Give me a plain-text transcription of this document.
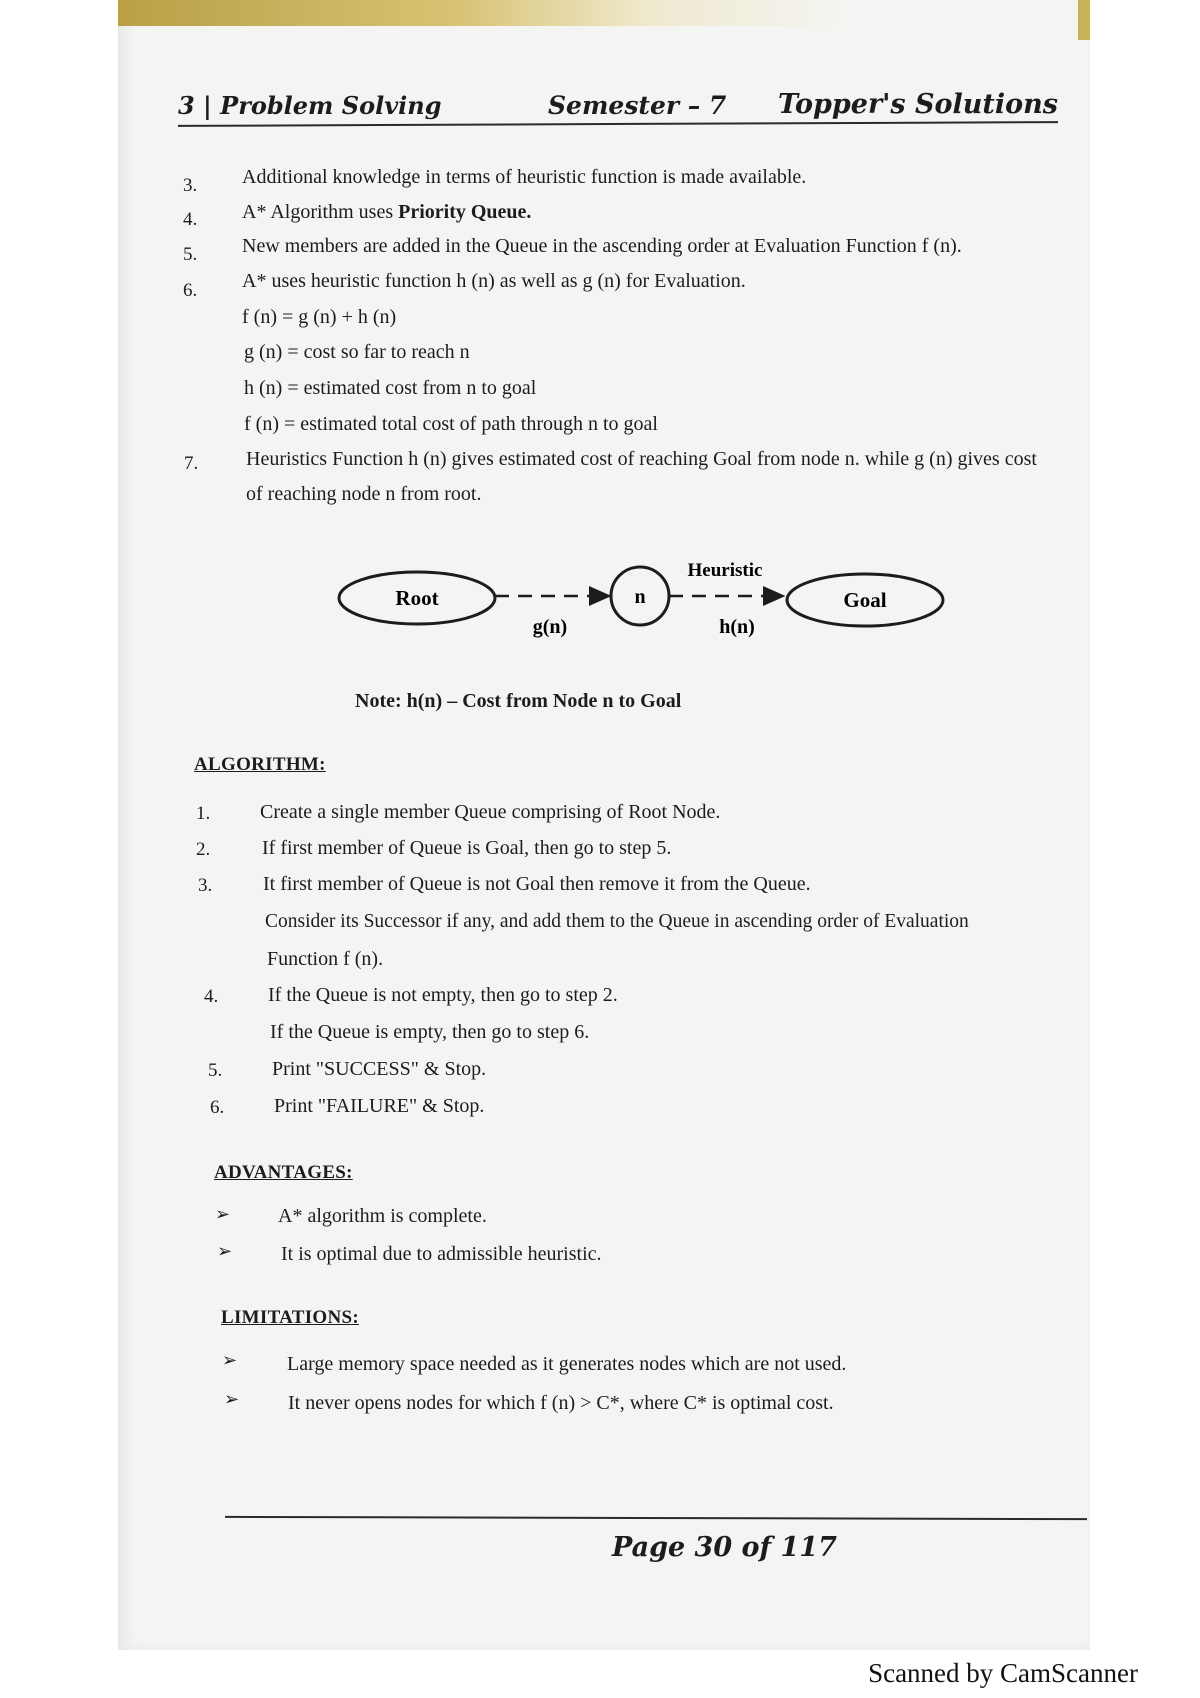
3 | Problem Solving	Semester – 7 Topper's Solutions
3. Additional knowledge in terms of heuristic function is made available.
4. A* Algorithm uses Priority Queue.
5. New members are added in the Queue in the ascending order at Evaluation Function f (n).
6. A* uses heuristic function h (n) as well as g (n) for Evaluation.
f (n) = g (n) + h (n)
g (n) = cost so far to reach n
h (n) = estimated cost from n to goal
f (n) = estimated total cost of path through n to goal
7. Heuristics Function h (n) gives estimated cost of reaching Goal from node n. while g (n) gives cost
of reaching node n from root.
Root	n	Goal
Heuristic
g(n)	h(n)
Note: h(n) – Cost from Node n to Goal
ALGORITHM:
1. Create a single member Queue comprising of Root Node.
2.	If first member of Queue is Goal, then go to step 5.
3.	It first member of Queue is not Goal then remove it from the Queue.
Consider its Successor if any, and add them to the Queue in ascending order of Evaluation
Function f (n).
4. If the Queue is not empty, then go to step 2.
If the Queue is empty, then go to step 6.
5. Print "SUCCESS" & Stop.
6. Print "FAILURE" & Stop.
ADVANTAGES:
➢ A* algorithm is complete.
➢ It is optimal due to admissible heuristic.
LIMITATIONS:
➢ Large memory space needed as it generates nodes which are not used.
➢ It never opens nodes for which f (n) > C*, where C* is optimal cost.
Page 30 of 117
Scanned by CamScanner
